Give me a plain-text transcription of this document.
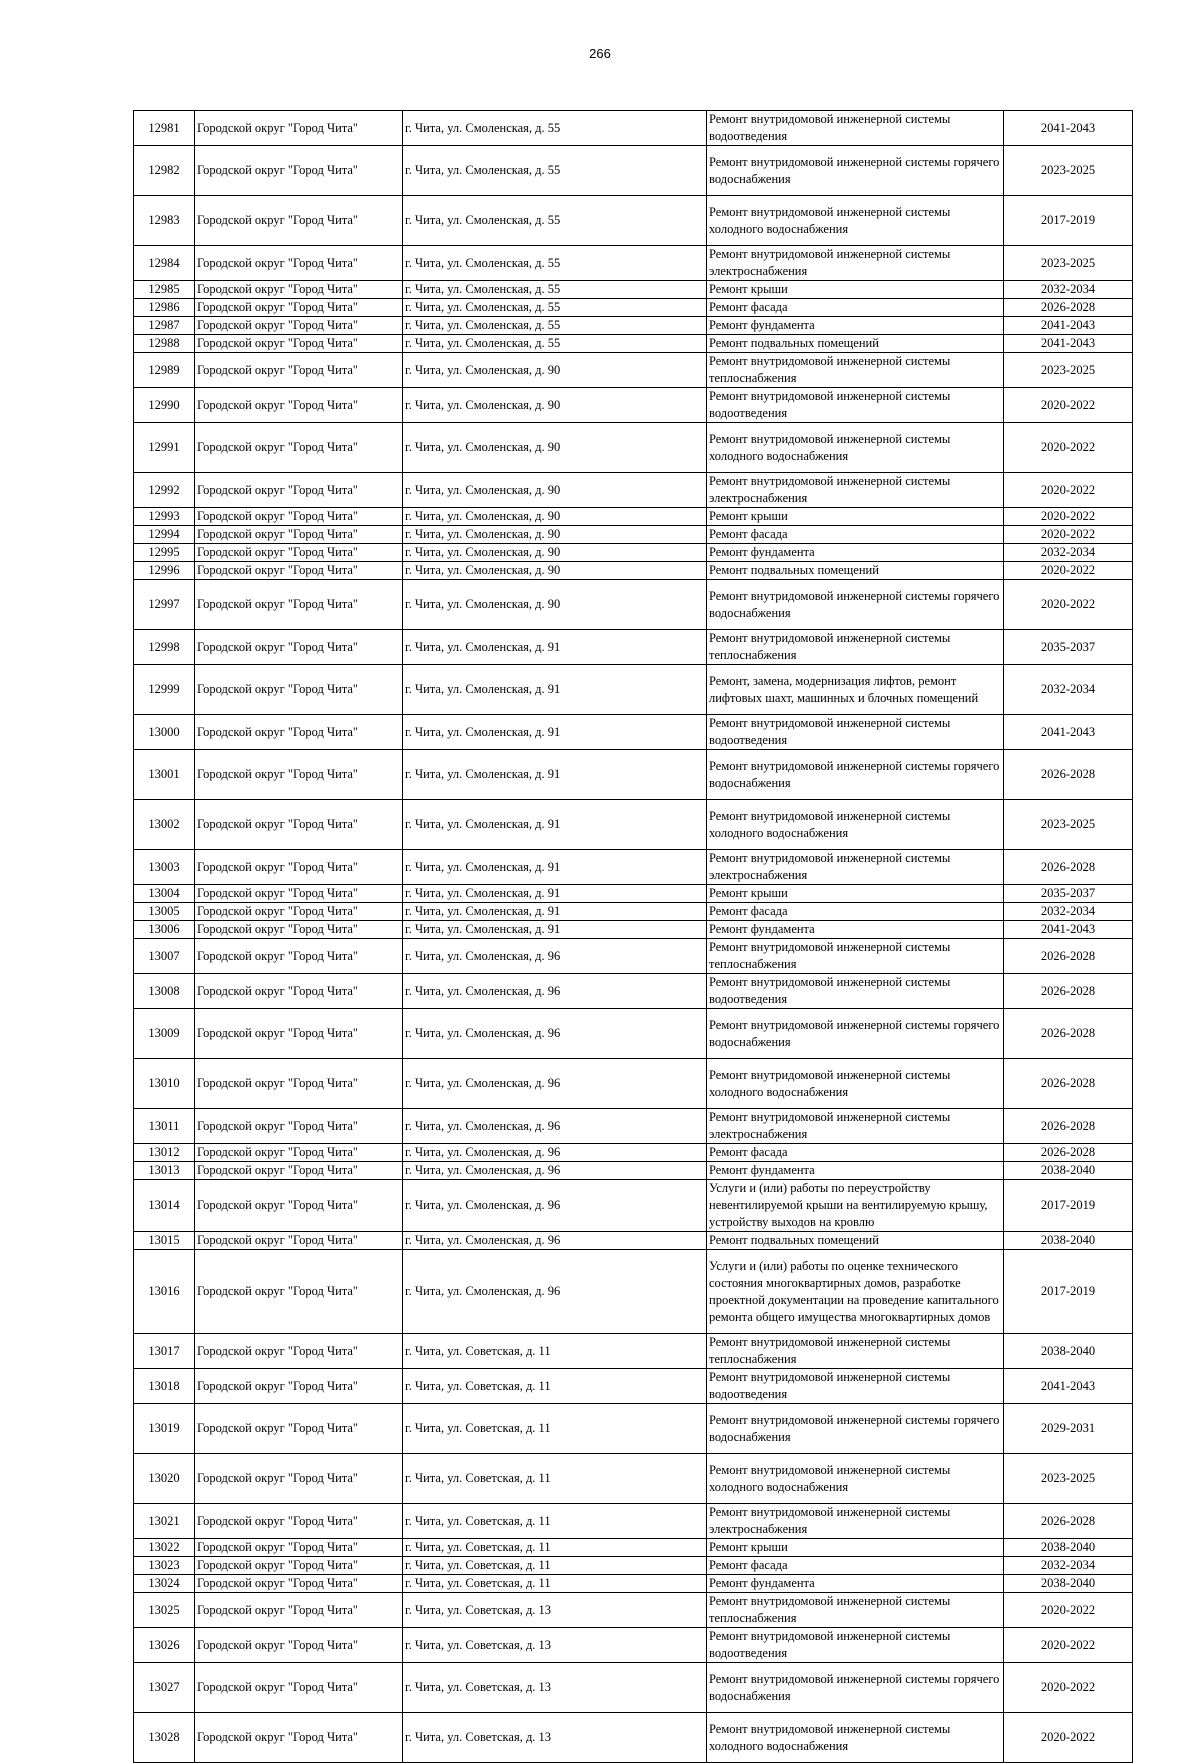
266
12981	Городской округ "Город Чита"	г. Чита, ул. Смоленская, д. 55	Ремонт внутридомовой инженерной системы водоотведения	2041-2043
12982	Городской округ "Город Чита"	г. Чита, ул. Смоленская, д. 55	Ремонт внутридомовой инженерной системы горячего водоснабжения	2023-2025
12983	Городской округ "Город Чита"	г. Чита, ул. Смоленская, д. 55	Ремонт внутридомовой инженерной системы холодного водоснабжения	2017-2019
12984	Городской округ "Город Чита"	г. Чита, ул. Смоленская, д. 55	Ремонт внутридомовой инженерной системы электроснабжения	2023-2025
12985	Городской округ "Город Чита"	г. Чита, ул. Смоленская, д. 55	Ремонт крыши	2032-2034
12986	Городской округ "Город Чита"	г. Чита, ул. Смоленская, д. 55	Ремонт фасада	2026-2028
12987	Городской округ "Город Чита"	г. Чита, ул. Смоленская, д. 55	Ремонт фундамента	2041-2043
12988	Городской округ "Город Чита"	г. Чита, ул. Смоленская, д. 55	Ремонт подвальных помещений	2041-2043
12989	Городской округ "Город Чита"	г. Чита, ул. Смоленская, д. 90	Ремонт внутридомовой инженерной системы теплоснабжения	2023-2025
12990	Городской округ "Город Чита"	г. Чита, ул. Смоленская, д. 90	Ремонт внутридомовой инженерной системы водоотведения	2020-2022
12991	Городской округ "Город Чита"	г. Чита, ул. Смоленская, д. 90	Ремонт внутридомовой инженерной системы холодного водоснабжения	2020-2022
12992	Городской округ "Город Чита"	г. Чита, ул. Смоленская, д. 90	Ремонт внутридомовой инженерной системы электроснабжения	2020-2022
12993	Городской округ "Город Чита"	г. Чита, ул. Смоленская, д. 90	Ремонт крыши	2020-2022
12994	Городской округ "Город Чита"	г. Чита, ул. Смоленская, д. 90	Ремонт фасада	2020-2022
12995	Городской округ "Город Чита"	г. Чита, ул. Смоленская, д. 90	Ремонт фундамента	2032-2034
12996	Городской округ "Город Чита"	г. Чита, ул. Смоленская, д. 90	Ремонт подвальных помещений	2020-2022
12997	Городской округ "Город Чита"	г. Чита, ул. Смоленская, д. 90	Ремонт внутридомовой инженерной системы горячего водоснабжения	2020-2022
12998	Городской округ "Город Чита"	г. Чита, ул. Смоленская, д. 91	Ремонт внутридомовой инженерной системы теплоснабжения	2035-2037
12999	Городской округ "Город Чита"	г. Чита, ул. Смоленская, д. 91	Ремонт, замена, модернизация лифтов, ремонт лифтовых шахт, машинных и блочных помещений	2032-2034
13000	Городской округ "Город Чита"	г. Чита, ул. Смоленская, д. 91	Ремонт внутридомовой инженерной системы водоотведения	2041-2043
13001	Городской округ "Город Чита"	г. Чита, ул. Смоленская, д. 91	Ремонт внутридомовой инженерной системы горячего водоснабжения	2026-2028
13002	Городской округ "Город Чита"	г. Чита, ул. Смоленская, д. 91	Ремонт внутридомовой инженерной системы холодного водоснабжения	2023-2025
13003	Городской округ "Город Чита"	г. Чита, ул. Смоленская, д. 91	Ремонт внутридомовой инженерной системы электроснабжения	2026-2028
13004	Городской округ "Город Чита"	г. Чита, ул. Смоленская, д. 91	Ремонт крыши	2035-2037
13005	Городской округ "Город Чита"	г. Чита, ул. Смоленская, д. 91	Ремонт фасада	2032-2034
13006	Городской округ "Город Чита"	г. Чита, ул. Смоленская, д. 91	Ремонт фундамента	2041-2043
13007	Городской округ "Город Чита"	г. Чита, ул. Смоленская, д. 96	Ремонт внутридомовой инженерной системы теплоснабжения	2026-2028
13008	Городской округ "Город Чита"	г. Чита, ул. Смоленская, д. 96	Ремонт внутридомовой инженерной системы водоотведения	2026-2028
13009	Городской округ "Город Чита"	г. Чита, ул. Смоленская, д. 96	Ремонт внутридомовой инженерной системы горячего водоснабжения	2026-2028
13010	Городской округ "Город Чита"	г. Чита, ул. Смоленская, д. 96	Ремонт внутридомовой инженерной системы холодного водоснабжения	2026-2028
13011	Городской округ "Город Чита"	г. Чита, ул. Смоленская, д. 96	Ремонт внутридомовой инженерной системы электроснабжения	2026-2028
13012	Городской округ "Город Чита"	г. Чита, ул. Смоленская, д. 96	Ремонт фасада	2026-2028
13013	Городской округ "Город Чита"	г. Чита, ул. Смоленская, д. 96	Ремонт фундамента	2038-2040
13014	Городской округ "Город Чита"	г. Чита, ул. Смоленская, д. 96	Услуги и (или) работы по переустройству невентилируемой крыши на вентилируемую крышу, устройству выходов на кровлю	2017-2019
13015	Городской округ "Город Чита"	г. Чита, ул. Смоленская, д. 96	Ремонт подвальных помещений	2038-2040
13016	Городской округ "Город Чита"	г. Чита, ул. Смоленская, д. 96	Услуги и (или) работы по оценке технического состояния многоквартирных домов, разработке проектной документации на проведение капитального ремонта общего имущества многоквартирных домов	2017-2019
13017	Городской округ "Город Чита"	г. Чита, ул. Советская, д. 11	Ремонт внутридомовой инженерной системы теплоснабжения	2038-2040
13018	Городской округ "Город Чита"	г. Чита, ул. Советская, д. 11	Ремонт внутридомовой инженерной системы водоотведения	2041-2043
13019	Городской округ "Город Чита"	г. Чита, ул. Советская, д. 11	Ремонт внутридомовой инженерной системы горячего водоснабжения	2029-2031
13020	Городской округ "Город Чита"	г. Чита, ул. Советская, д. 11	Ремонт внутридомовой инженерной системы холодного водоснабжения	2023-2025
13021	Городской округ "Город Чита"	г. Чита, ул. Советская, д. 11	Ремонт внутридомовой инженерной системы электроснабжения	2026-2028
13022	Городской округ "Город Чита"	г. Чита, ул. Советская, д. 11	Ремонт крыши	2038-2040
13023	Городской округ "Город Чита"	г. Чита, ул. Советская, д. 11	Ремонт фасада	2032-2034
13024	Городской округ "Город Чита"	г. Чита, ул. Советская, д. 11	Ремонт фундамента	2038-2040
13025	Городской округ "Город Чита"	г. Чита, ул. Советская, д. 13	Ремонт внутридомовой инженерной системы теплоснабжения	2020-2022
13026	Городской округ "Город Чита"	г. Чита, ул. Советская, д. 13	Ремонт внутридомовой инженерной системы водоотведения	2020-2022
13027	Городской округ "Город Чита"	г. Чита, ул. Советская, д. 13	Ремонт внутридомовой инженерной системы горячего водоснабжения	2020-2022
13028	Городской округ "Город Чита"	г. Чита, ул. Советская, д. 13	Ремонт внутридомовой инженерной системы холодного водоснабжения	2020-2022
